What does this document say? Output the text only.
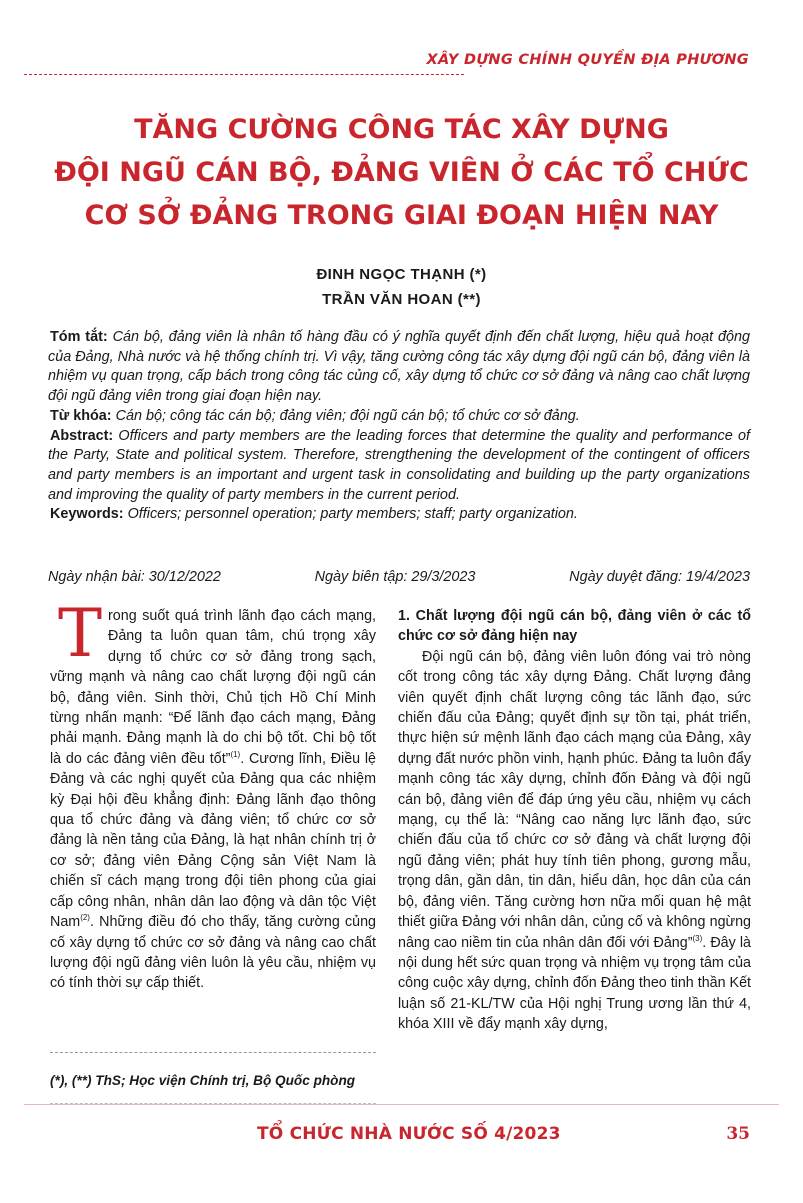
XÂY DỰNG CHÍNH QUYỀN ĐỊA PHƯƠNG
TĂNG CƯỜNG CÔNG TÁC XÂY DỰNG
ĐỘI NGŨ CÁN BỘ, ĐẢNG VIÊN Ở CÁC TỔ CHỨC
CƠ SỞ ĐẢNG TRONG GIAI ĐOẠN HIỆN NAY
ĐINH NGỌC THẠNH (*)
TRẦN VĂN HOAN (**)

Tóm tắt: Cán bộ, đảng viên là nhân tố hàng đầu có ý nghĩa quyết định đến chất lượng, hiệu quả hoạt động của Đảng, Nhà nước và hệ thống chính trị. Vì vậy, tăng cường công tác xây dựng đội ngũ cán bộ, đảng viên là nhiệm vụ quan trọng, cấp bách trong công tác củng cố, xây dựng tổ chức cơ sở đảng và nâng cao chất lượng đội ngũ đảng viên trong giai đoạn hiện nay.

Từ khóa: Cán bộ; công tác cán bộ; đảng viên; đội ngũ cán bộ; tổ chức cơ sở đảng.

Abstract: Officers and party members are the leading forces that determine the quality and performance of the Party, State and political system. Therefore, strengthening the development of the contingent of officers and party members is an important and urgent task in consolidating and building up the party organizations and improving the quality of party members in the current period.

Keywords: Officers; personnel operation; party members; staff; party organization.

Ngày nhận bài: 30/12/2022	Ngày biên tập: 29/3/2023	Ngày duyệt đăng: 19/4/2023

Trong suốt quá trình lãnh đạo cách mạng, Đảng ta luôn quan tâm, chú trọng xây dựng tổ chức cơ sở đảng trong sạch, vững mạnh và nâng cao chất lượng đội ngũ cán bộ, đảng viên. Sinh thời, Chủ tịch Hồ Chí Minh từng nhấn mạnh: “Để lãnh đạo cách mạng, Đảng phải mạnh. Đảng mạnh là do chi bộ tốt. Chi bộ tốt là do các đảng viên đều tốt”$^{(1)}$. Cương lĩnh, Điều lệ Đảng và các nghị quyết của Đảng qua các nhiệm kỳ Đại hội đều khẳng định: Đảng lãnh đạo thông qua tổ chức đảng và đảng viên; tổ chức cơ sở đảng là nền tảng của Đảng, là hạt nhân chính trị ở cơ sở; đảng viên Đảng Cộng sản Việt Nam là chiến sĩ cách mạng trong đội tiên phong của giai cấp công nhân, nhân dân lao động và dân tộc Việt Nam$^{(2)}$. Những điều đó cho thấy, tăng cường củng cố xây dựng tổ chức cơ sở đảng và nâng cao chất lượng đội ngũ đảng viên luôn là yêu cầu, nhiệm vụ có tính thời sự cấp thiết.

1. Chất lượng đội ngũ cán bộ, đảng viên ở các tổ chức cơ sở đảng hiện nay

Đội ngũ cán bộ, đảng viên luôn đóng vai trò nòng cốt trong công tác xây dựng Đảng. Chất lượng đảng viên quyết định chất lượng công tác lãnh đạo, sức chiến đấu của Đảng; quyết định sự tồn tại, phát triển, thực hiện sứ mệnh lãnh đạo cách mạng của Đảng, xây dựng đất nước phồn vinh, hạnh phúc. Đảng ta luôn đẩy mạnh công tác xây dựng, chỉnh đốn Đảng và đội ngũ cán bộ, đảng viên để đáp ứng yêu cầu, nhiệm vụ cách mạng, cụ thể là: “Nâng cao năng lực lãnh đạo, sức chiến đấu của tổ chức cơ sở đảng và chất lượng đội ngũ đảng viên; phát huy tính tiên phong, gương mẫu, trọng dân, gần dân, tin dân, hiểu dân, học dân của cán bộ, đảng viên. Tăng cường hơn nữa mối quan hệ mật thiết giữa Đảng với nhân dân, củng cố và không ngừng nâng cao niềm tin của nhân dân đối với Đảng”$^{(3)}$. Đây là nội dung hết sức quan trọng và nhiệm vụ trọng tâm của công cuộc xây dựng, chỉnh đốn Đảng theo tinh thần Kết luận số 21-KL/TW của Hội nghị Trung ương lần thứ 4, khóa XIII về đẩy mạnh xây dựng,

(*), (**) ThS; Học viện Chính trị, Bộ Quốc phòng
TỔ CHỨC NHÀ NƯỚC SỐ 4/2023	35
